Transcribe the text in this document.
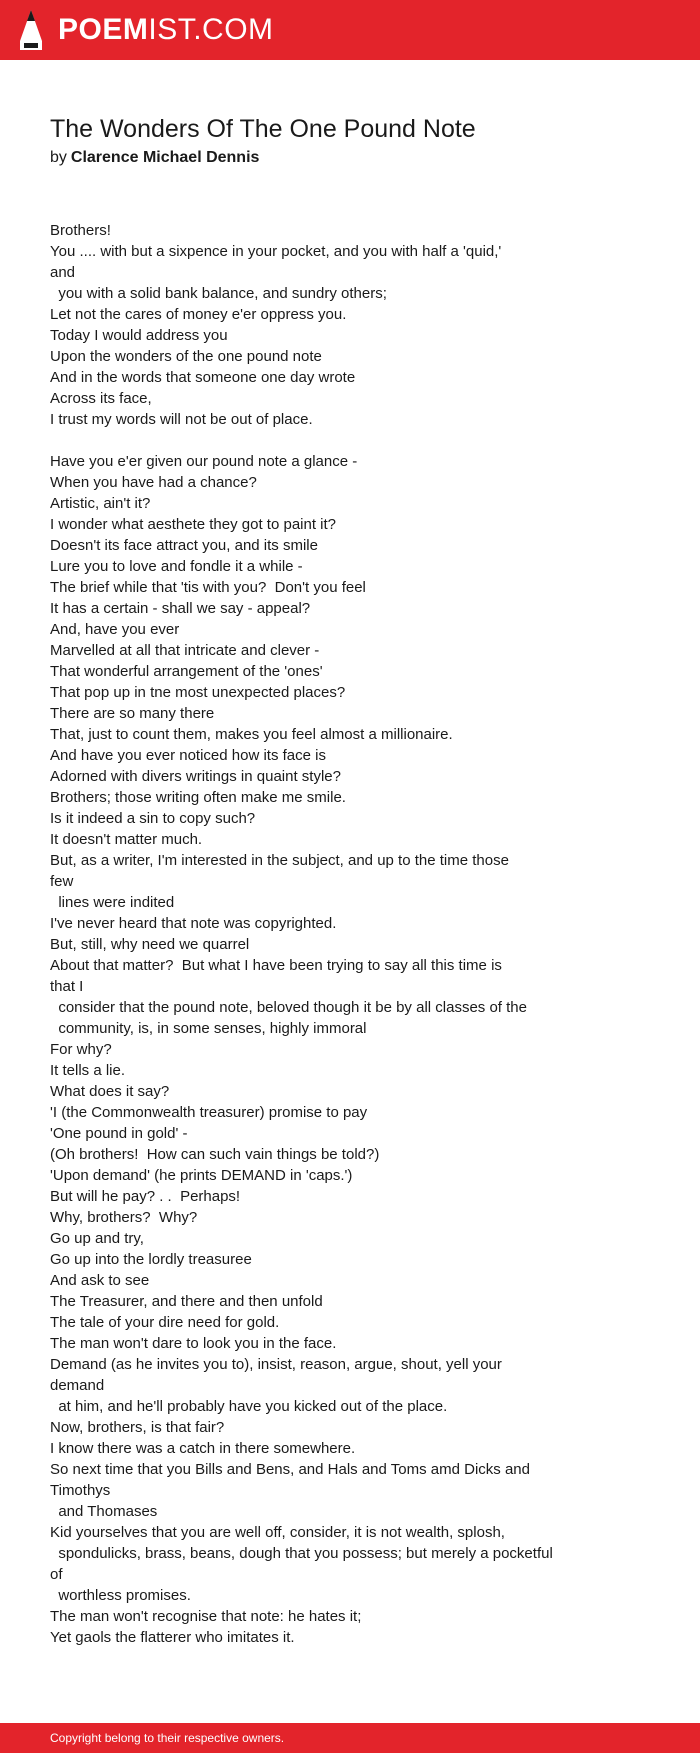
POEMIST.COM
The Wonders Of The One Pound Note
by Clarence Michael Dennis
Brothers!
You .... with but a sixpence in your pocket, and you with half a 'quid,'
and
you with a solid bank balance, and sundry others;
Let not the cares of money e'er oppress you.
Today I would address you
Upon the wonders of the one pound note
And in the words that someone one day wrote
Across its face,
I trust my words will not be out of place.
Have you e'er given our pound note a glance -
When you have had a chance?
Artistic, ain't it?
I wonder what aesthete they got to paint it?
Doesn't its face attract you, and its smile
Lure you to love and fondle it a while -
The brief while that 'tis with you?  Don't you feel
It has a certain - shall we say - appeal?
And, have you ever
Marvelled at all that intricate and clever -
That wonderful arrangement of the 'ones'
That pop up in tne most unexpected places?
There are so many there
That, just to count them, makes you feel almost a millionaire.
And have you ever noticed how its face is
Adorned with divers writings in quaint style?
Brothers; those writing often make me smile.
Is it indeed a sin to copy such?
It doesn't matter much.
But, as a writer, I'm interested in the subject, and up to the time those
few
lines were indited
I've never heard that note was copyrighted.
But, still, why need we quarrel
About that matter?  But what I have been trying to say all this time is
that I
consider that the pound note, beloved though it be by all classes of the
community, is, in some senses, highly immoral
For why?
It tells a lie.
What does it say?
'I (the Commonwealth treasurer) promise to pay
'One pound in gold' -
(Oh brothers!  How can such vain things be told?)
'Upon demand' (he prints DEMAND in 'caps.')
But will he pay? . .  Perhaps!
Why, brothers?  Why?
Go up and try,
Go up into the lordly treasuree
And ask to see
The Treasurer, and there and then unfold
The tale of your dire need for gold.
The man won't dare to look you in the face.
Demand (as he invites you to), insist, reason, argue, shout, yell your
demand
at him, and he'll probably have you kicked out of the place.
Now, brothers, is that fair?
I know there was a catch in there somewhere.
So next time that you Bills and Bens, and Hals and Toms amd Dicks and
Timothys
and Thomases
Kid yourselves that you are well off, consider, it is not wealth, splosh,
spondulicks, brass, beans, dough that you possess; but merely a pocketful
of
worthless promises.
The man won't recognise that note: he hates it;
Yet gaols the flatterer who imitates it.
Copyright belong to their respective owners.
